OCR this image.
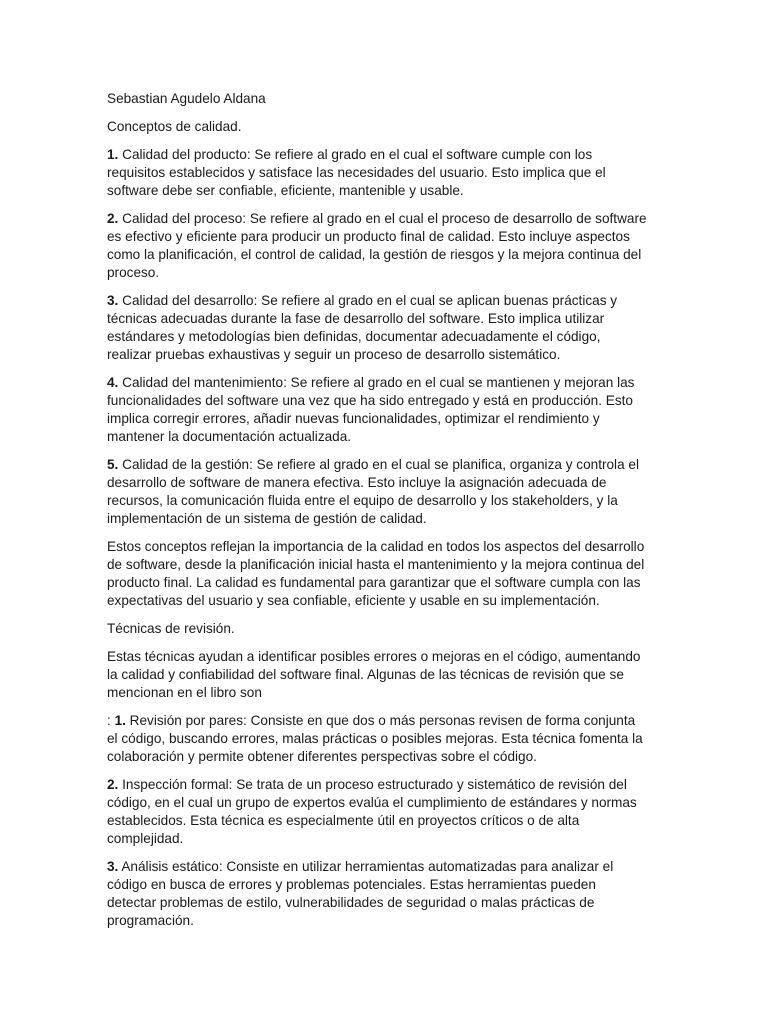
Sebastian Agudelo Aldana

Conceptos de calidad.

1. Calidad del producto: Se refiere al grado en el cual el software cumple con los requisitos establecidos y satisface las necesidades del usuario. Esto implica que el software debe ser confiable, eficiente, mantenible y usable.

2. Calidad del proceso: Se refiere al grado en el cual el proceso de desarrollo de software es efectivo y eficiente para producir un producto final de calidad. Esto incluye aspectos como la planificación, el control de calidad, la gestión de riesgos y la mejora continua del proceso.

3. Calidad del desarrollo: Se refiere al grado en el cual se aplican buenas prácticas y técnicas adecuadas durante la fase de desarrollo del software. Esto implica utilizar estándares y metodologías bien definidas, documentar adecuadamente el código, realizar pruebas exhaustivas y seguir un proceso de desarrollo sistemático.

4. Calidad del mantenimiento: Se refiere al grado en el cual se mantienen y mejoran las funcionalidades del software una vez que ha sido entregado y está en producción. Esto implica corregir errores, añadir nuevas funcionalidades, optimizar el rendimiento y mantener la documentación actualizada.

5. Calidad de la gestión: Se refiere al grado en el cual se planifica, organiza y controla el desarrollo de software de manera efectiva. Esto incluye la asignación adecuada de recursos, la comunicación fluida entre el equipo de desarrollo y los stakeholders, y la implementación de un sistema de gestión de calidad.

Estos conceptos reflejan la importancia de la calidad en todos los aspectos del desarrollo de software, desde la planificación inicial hasta el mantenimiento y la mejora continua del producto final. La calidad es fundamental para garantizar que el software cumpla con las expectativas del usuario y sea confiable, eficiente y usable en su implementación.

Técnicas de revisión.

Estas técnicas ayudan a identificar posibles errores o mejoras en el código, aumentando la calidad y confiabilidad del software final. Algunas de las técnicas de revisión que se mencionan en el libro son

: 1. Revisión por pares: Consiste en que dos o más personas revisen de forma conjunta el código, buscando errores, malas prácticas o posibles mejoras. Esta técnica fomenta la colaboración y permite obtener diferentes perspectivas sobre el código.

2. Inspección formal: Se trata de un proceso estructurado y sistemático de revisión del código, en el cual un grupo de expertos evalúa el cumplimiento de estándares y normas establecidos. Esta técnica es especialmente útil en proyectos críticos o de alta complejidad.

3. Análisis estático: Consiste en utilizar herramientas automatizadas para analizar el código en busca de errores y problemas potenciales. Estas herramientas pueden detectar problemas de estilo, vulnerabilidades de seguridad o malas prácticas de programación.
